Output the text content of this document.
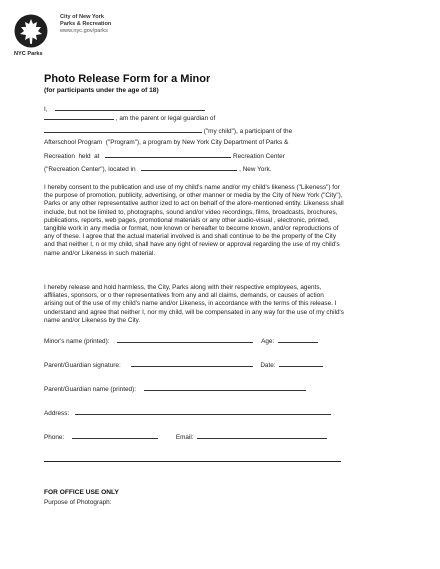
NYC Parks
City of New York
Parks & Recreation
www.nyc.gov/parks
Photo Release Form for a Minor
(for participants under the age of 18)
I,
, am the parent or legal guardian of
("my child"), a participant of the
Afterschool Program  ("Program"), a program by New York City Department of Parks &
Recreation  held  at	Recreation Center
("Recreation Center"), located in	, New York.

I hereby consent to the publication and use of my child's name and/or my child's likeness ("Likeness") for the purpose of promotion, publicity, advertising, or other manner or media by the City of New York ("City"), Parks or any other representative author ized to act on behalf of the afore-mentioned entity. Likeness shall include, but not be limited to, photographs, sound and/or video recordings, films, broadcasts, brochures, publications, reports, web pages, promotional materials or any other audio-visual , electronic, printed, tangible work in any media or format, now known or hereafter to become known, and/or reproductions of any of these. I agree that the actual material involved is and shall continue to be the property of the City and that neither I, n or my child, shall have any right of review or approval regarding the use of my child's name and/or Likeness in such material.

I hereby release and hold harmless, the City, Parks along with their respective employees, agents, affiliates, sponsors, or o ther representatives from any and all claims, demands, or causes of action arising out of the use of my child's name and/or Likeness, in accordance with the terms of this release. I understand and agree that neither I, nor my child, will be compensated in any way for the use of my child's name and/or Likeness by the City.

Minor's name (printed):	Age:
Parent/Guardian signature:	Date:
Parent/Guardian name (printed):
Address:
Phone:	Email:
FOR OFFICE USE ONLY
Purpose of Photograph:
